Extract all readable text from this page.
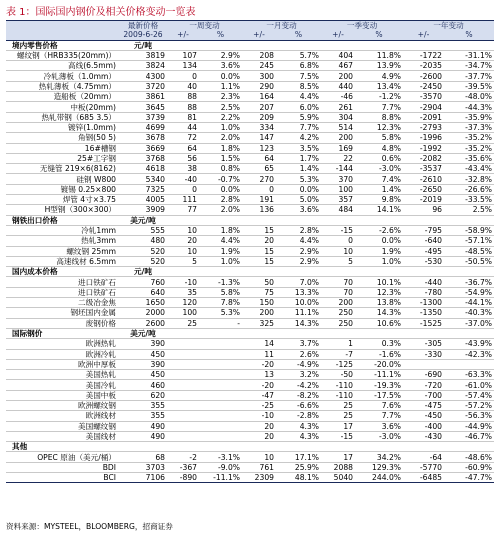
表 1：国际国内钢价及相关价格变动一览表
	最新价格	一周变动		一月变动		一季变动		一年变动	
	2009-6-26	+/-	%	+/-	%	+/-	%	+/-	%
境内零售价格	元/吨								
螺纹钢（HRB335(20mm)）	3819	107	2.9%	208	5.7%	404	11.8%	-1722	-31.1%
高线(6.5mm)	3824	134	3.6%	245	6.8%	467	13.9%	-2035	-34.7%
冷轧薄板（1.0mm）	4300	0	0.0%	300	7.5%	200	4.9%	-2600	-37.7%
热轧薄板（4.75mm）	3720	40	1.1%	290	8.5%	440	13.4%	-2450	-39.5%
造船板（20mm）	3861	88	2.3%	164	4.4%	-46	-1.2%	-3570	-48.0%
中板(20mm)	3645	88	2.5%	207	6.0%	261	7.7%	-2904	-44.3%
热轧带钢（685 3.5）	3739	81	2.2%	209	5.9%	304	8.8%	-2091	-35.9%
镀锌(1.0mm)	4699	44	1.0%	334	7.7%	514	12.3%	-2793	-37.3%
角钢(50 5)	3678	72	2.0%	147	4.2%	200	5.8%	-1996	-35.2%
16#槽钢	3669	64	1.8%	123	3.5%	169	4.8%	-1992	-35.2%
25#工字钢	3768	56	1.5%	64	1.7%	22	0.6%	-2082	-35.6%
无缝管 219×6(8162)	4618	38	0.8%	65	1.4%	-144	-3.0%	-3537	-43.4%
硅钢 W800	5340	-40	-0.7%	270	5.3%	370	7.4%	-2610	-32.8%
镀锡 0.25×800	7325	0	0.0%	0	0.0%	100	1.4%	-2650	-26.6%
焊管 4寸×3.75	4005	111	2.8%	191	5.0%	357	9.8%	-2019	-33.5%
H型钢（300×300）	3909	77	2.0%	136	3.6%	484	14.1%	96	2.5%
钢铁出口价格	美元/吨								
冷轧1mm	555	10	1.8%	15	2.8%	-15	-2.6%	-795	-58.9%
热轧3mm	480	20	4.4%	20	4.4%	0	0.0%	-640	-57.1%
螺纹钢 25mm	520	10	1.9%	15	2.9%	10	1.9%	-495	-48.5%
高速线材 6.5mm	520	5	1.0%	15	2.9%	5	1.0%	-530	-50.5%
国内成本价格	元/吨								
进口铁矿石	760	-10	-1.3%	50	7.0%	70	10.1%	-440	-36.7%
进口铁矿石	640	35	5.8%	75	13.3%	70	12.3%	-780	-54.9%
二级冶金焦	1650	120	7.8%	150	10.0%	200	13.8%	-1300	-44.1%
钢坯国内金属	2000	100	5.3%	200	11.1%	250	14.3%	-1350	-40.3%
废钢价格	2600	25	-	325	14.3%	250	10.6%	-1525	-37.0%
国际钢价	美元/吨								
欧洲热轧	390			14	3.7%	1	0.3%	-305	-43.9%
欧洲冷轧	450			11	2.6%	-7	-1.6%	-330	-42.3%
欧洲中厚板	390			-20	-4.9%	-125	-20.0%		
美国热轧	450			13	3.2%	-50	-11.1%	-690	-63.3%
美国冷轧	460			-20	-4.2%	-110	-19.3%	-720	-61.0%
美国中板	620			-47	-8.2%	-110	-17.5%	-700	-57.4%
欧洲螺纹钢	355			-25	-6.6%	25	7.6%	-475	-57.2%
欧洲线材	355			-10	-2.8%	25	7.7%	-450	-56.3%
美国螺纹钢	490			20	4.3%	17	3.6%	-400	-44.9%
美国线材	490			20	4.3%	-15	-3.0%	-430	-46.7%
其他									
OPEC 原油（美元/桶）	68	-2	-3.1%	10	17.1%	17	34.2%	-64	-48.6%
BDI	3703	-367	-9.0%	761	25.9%	2088	129.3%	-5770	-60.9%
BCI	7106	-890	-11.1%	2309	48.1%	5040	244.0%	-6485	-47.7%
资料来源：MYSTEEL，BLOOMBERG，招商证券
